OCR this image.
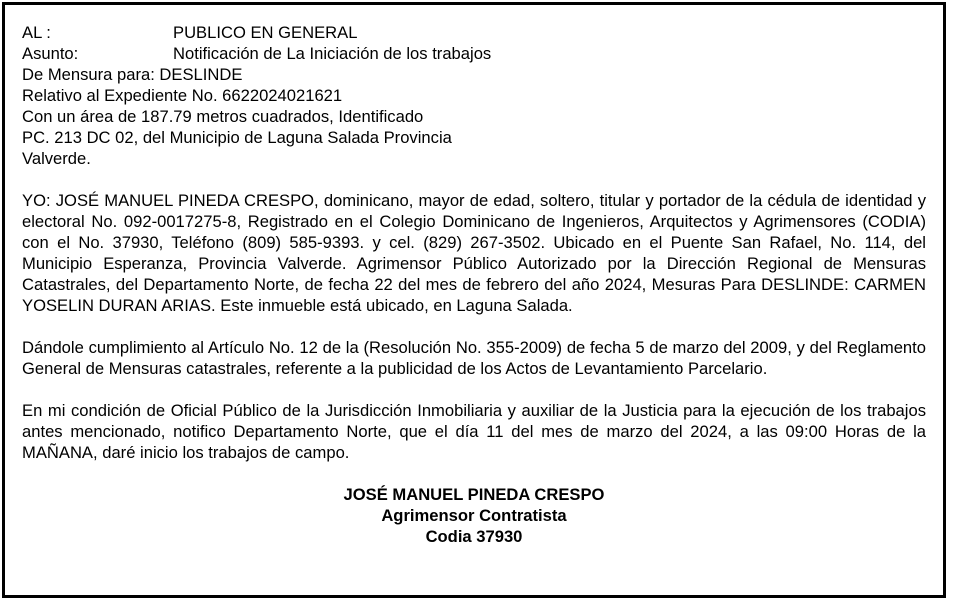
AL :	PUBLICO EN GENERAL
Asunto:	Notificación de La Iniciación de los trabajos
De Mensura para: DESLINDE
Relativo al Expediente No. 6622024021621
Con un área de 187.79 metros cuadrados, Identificado
PC. 213 DC 02, del Municipio de Laguna Salada Provincia
Valverde.
YO: JOSÉ MANUEL PINEDA CRESPO, dominicano, mayor de edad, soltero, titular y portador de la cédula de identidad y electoral No. 092-0017275-8, Registrado en el Colegio Dominicano de Ingenieros, Arquitectos y Agrimensores (CODIA) con el No. 37930, Teléfono (809) 585-9393. y cel. (829) 267-3502. Ubicado en el Puente San Rafael, No. 114, del Municipio Esperanza, Provincia Valverde. Agrimensor Público Autorizado por la Dirección Regional de Mensuras Catastrales, del Departamento Norte, de fecha 22 del mes de febrero del año 2024, Mesuras Para DESLINDE: CARMEN YOSELIN DURAN ARIAS. Este inmueble está ubicado, en Laguna Salada.
Dándole cumplimiento al Artículo No. 12 de la (Resolución No. 355-2009) de fecha 5 de marzo del 2009, y del Reglamento General de Mensuras catastrales, referente a la publicidad de los Actos de Levantamiento Parcelario.
En mi condición de Oficial Público de la Jurisdicción Inmobiliaria y auxiliar de la Justicia para la ejecución de los trabajos antes mencionado, notifico Departamento Norte, que el día 11 del mes de marzo del 2024, a las 09:00 Horas de la MAÑANA, daré inicio los trabajos de campo.
JOSÉ MANUEL PINEDA CRESPO
Agrimensor Contratista
Codia 37930
